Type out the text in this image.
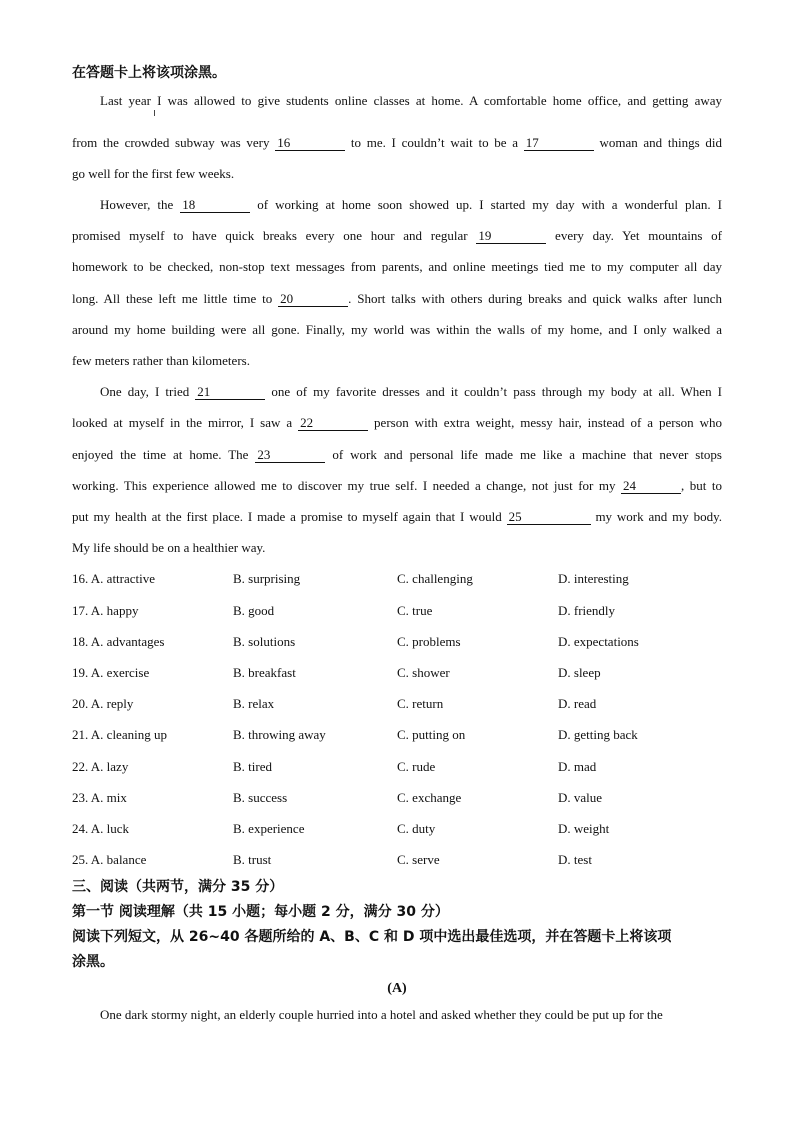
在答题卡上将该项涂黑。
Last year I was allowed to give students online classes at home. A comfortable home office, and getting away
from the crowded subway was very 16	to me. I couldn’t wait to be a 17	woman and things did
go well for the first few weeks.
However, the 18	of working at home soon showed up. I started my day with a wonderful plan. I
promised myself to have quick breaks every one hour and regular 19	every day. Yet mountains of
homework to be checked, non-stop text messages from parents, and online meetings tied me to my computer all day
long. All these left me little time to 20	. Short talks with others during breaks and quick walks after lunch
around my home building were all gone. Finally, my world was within the walls of my home, and I only walked a
few meters rather than kilometers.
One day, I tried 21	one of my favorite dresses and it couldn’t pass through my body at all. When I
looked at myself in the mirror, I saw a 22	person with extra weight, messy hair, instead of a person who
enjoyed the time at home. The 23	of work and personal life made me like a machine that never stops
working. This experience allowed me to discover my true self. I needed a change, not just for my 24	, but to
put my health at the first place. I made a promise to myself again that I would 25	my work and my body.
My life should be on a healthier way.
16. A. attractive	B. surprising	C. challenging	D. interesting
17. A. happy	B. good	C. true	D. friendly
18. A. advantages	B. solutions	C. problems	D. expectations
19. A. exercise	B. breakfast	C. shower	D. sleep
20. A. reply	B. relax	C. return	D. read
21. A. cleaning up	B. throwing away	C. putting on	D. getting back
22. A. lazy	B. tired	C. rude	D. mad
23. A. mix	B. success	C. exchange	D. value
24. A. luck	B. experience	C. duty	D. weight
25. A. balance	B. trust	C. serve	D. test
三、阅读（共两节，满分 35 分）
第一节 阅读理解（共 15 小题；每小题 2 分，满分 30 分）
阅读下列短文，从 26~40 各题所给的 A、B、C 和 D 项中选出最佳选项，并在答题卡上将该项
涂黑。
(A)
One dark stormy night, an elderly couple hurried into a hotel and asked whether they could be put up for the
